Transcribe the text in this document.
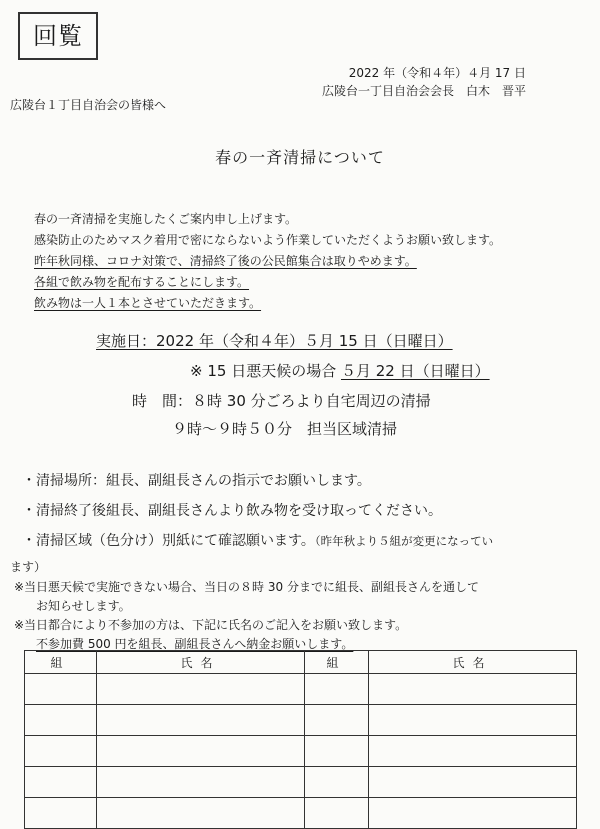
回覧
2022 年（令和４年）４月 17 日
広陵台一丁目自治会会長　白木　晋平
広陵台１丁目自治会の皆様へ
春の一斉清掃について
春の一斉清掃を実施したくご案内申し上げます。
感染防止のためマスク着用で密にならないよう作業していただくようお願い致します。
昨年秋同様、コロナ対策で、清掃終了後の公民館集合は取りやめます。
各組で飲み物を配布することにします。
飲み物は一人１本とさせていただきます。
実施日：2022 年（令和４年）５月 15 日（日曜日）
※ 15 日悪天候の場合 ５月 22 日（日曜日）
時　間：８時 30 分ごろより自宅周辺の清掃
９時～９時５０分　担当区域清掃
・清掃場所：組長、副組長さんの指示でお願いします。
・清掃終了後組長、副組長さんより飲み物を受け取ってください。
・清掃区域（色分け）別紙にて確認願います。（昨年秋より５組が変更になってい
ます）
※当日悪天候で実施できない場合、当日の８時 30 分までに組長、副組長さんを通して
お知らせします。
※当日都合により不参加の方は、下記に氏名のご記入をお願い致します。
不参加費 500 円を組長、副組長さんへ納金お願いします。
組	氏名	組	氏名
